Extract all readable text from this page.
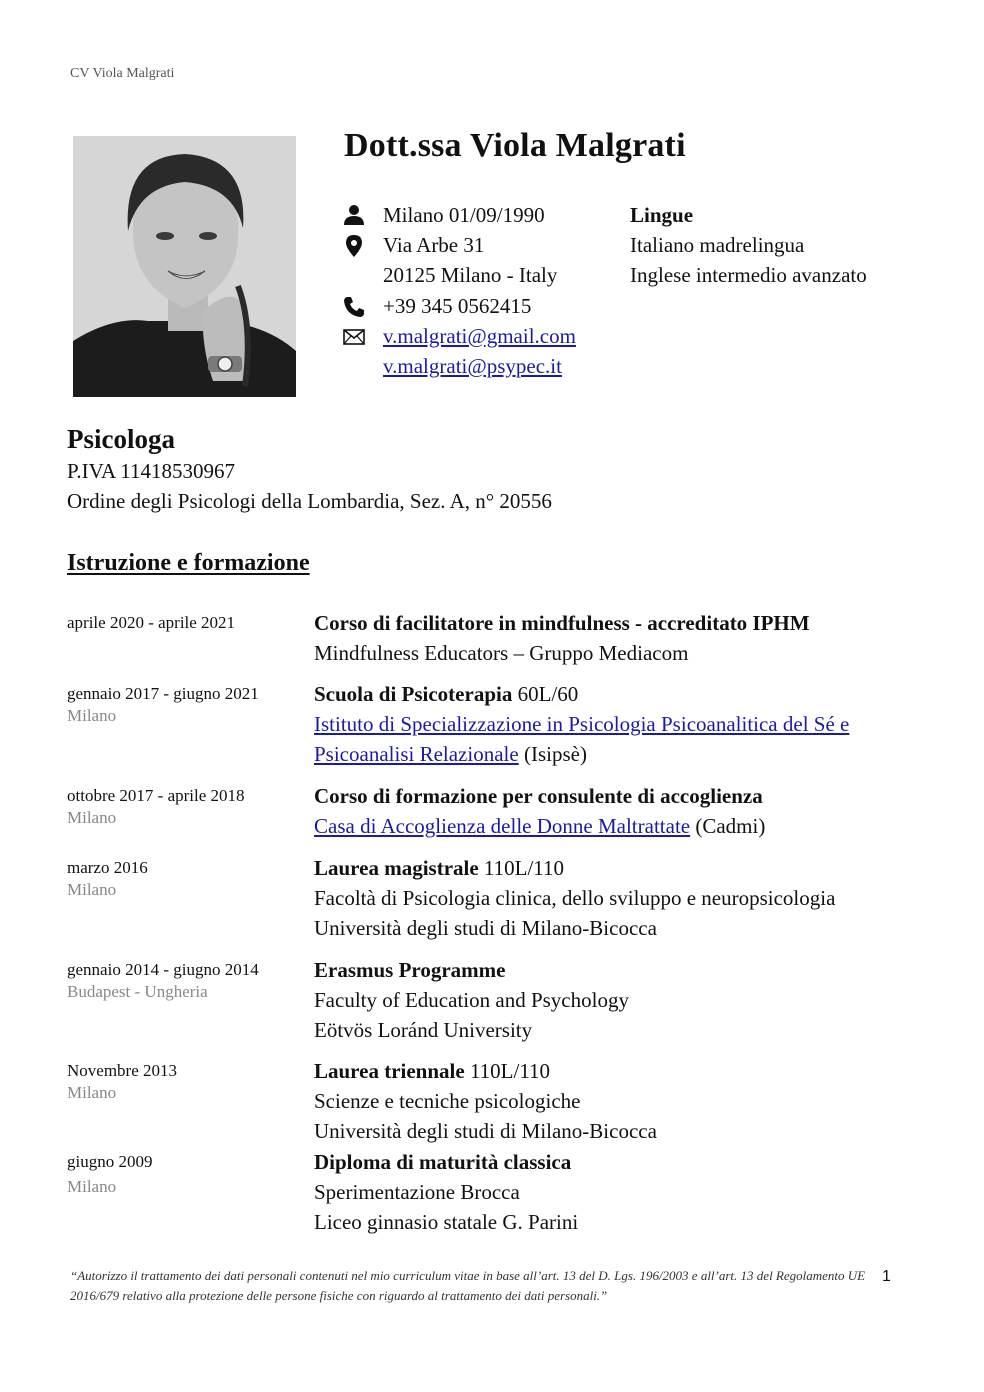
CV Viola Malgrati
Dott.ssa Viola Malgrati
Milano 01/09/1990
Via Arbe 31
20125 Milano - Italy
+39 345 0562415
v.malgrati@gmail.com
v.malgrati@psypec.it
Lingue
Italiano madrelingua
Inglese intermedio avanzato
Psicologa
P.IVA 11418530967
Ordine degli Psicologi della Lombardia, Sez. A, n° 20556
Istruzione e formazione
aprile 2020 - aprile 2021	Corso di facilitatore in mindfulness - accreditato IPHM
Mindfulness Educators – Gruppo Mediacom
gennaio 2017 - giugno 2021
Milano
Scuola di Psicoterapia 60L/60
Istituto di Specializzazione in Psicologia Psicoanalitica del Sé e Psicoanalisi Relazionale (Isipsè)
ottobre 2017 - aprile 2018
Milano
Corso di formazione per consulente di accoglienza
Casa di Accoglienza delle Donne Maltrattate (Cadmi)
marzo 2016
Milano
Laurea magistrale 110L/110
Facoltà di Psicologia clinica, dello sviluppo e neuropsicologia
Università degli studi di Milano-Bicocca
gennaio 2014 - giugno 2014
Budapest - Ungheria
Erasmus Programme
Faculty of Education and Psychology
Eötvös Loránd University
Novembre 2013
Milano
Laurea triennale 110L/110
Scienze e tecniche psicologiche
Università degli studi di Milano-Bicocca
giugno 2009
Milano
Diploma di maturità classica
Sperimentazione Brocca
Liceo ginnasio statale G. Parini
“Autorizzo il trattamento dei dati personali contenuti nel mio curriculum vitae in base all’art. 13 del D. Lgs. 196/2003 e all’art. 13 del Regolamento UE 2016/679 relativo alla protezione delle persone fisiche con riguardo al trattamento dei dati personali.”
1
